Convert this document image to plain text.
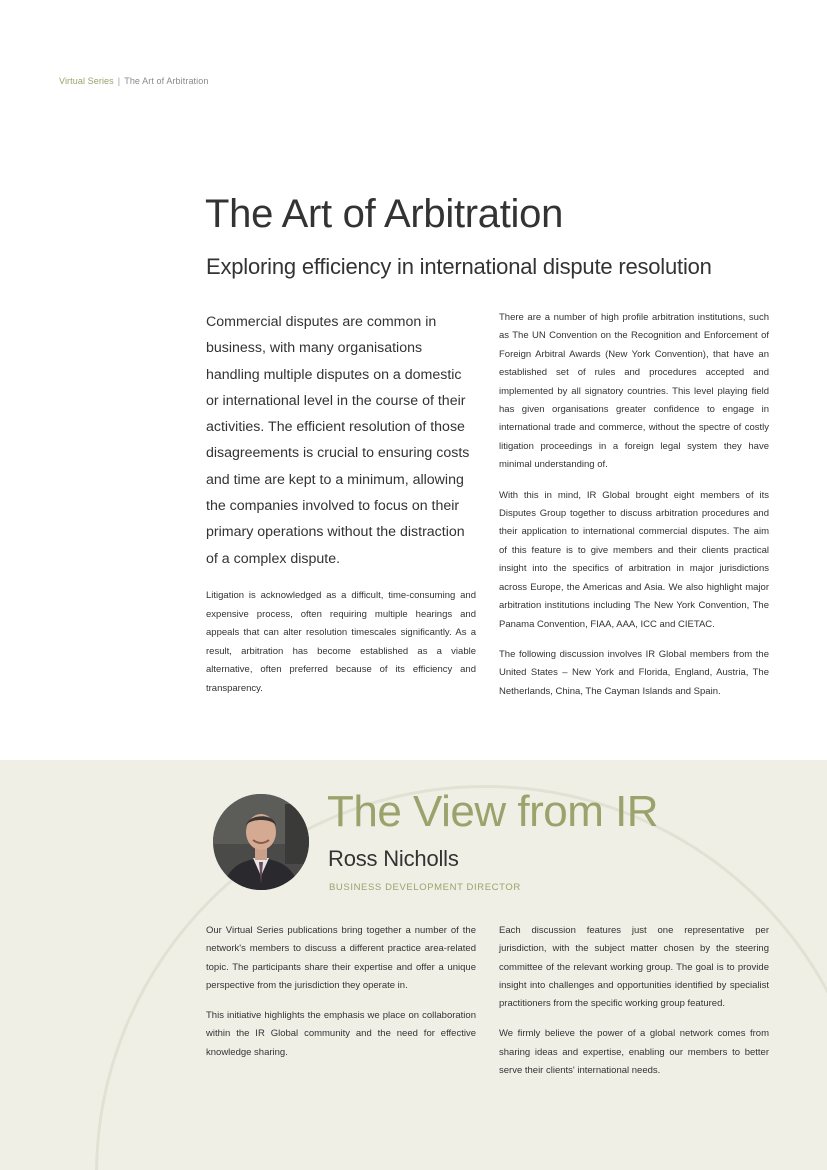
Virtual Series | The Art of Arbitration
The Art of Arbitration
Exploring efficiency in international dispute resolution

Commercial disputes are common in business, with many organisations handling multiple disputes on a domestic or international level in the course of their activities. The efficient resolution of those disagreements is crucial to ensuring costs and time are kept to a minimum, allowing the companies involved to focus on their primary operations without the distraction of a complex dispute.

Litigation is acknowledged as a difficult, time-consuming and expensive process, often requiring multiple hearings and appeals that can alter resolution timescales significantly. As a result, arbitration has become established as a viable alternative, often preferred because of its efficiency and transparency.

There are a number of high profile arbitration institutions, such as The UN Convention on the Recognition and Enforcement of Foreign Arbitral Awards (New York Convention), that have an established set of rules and procedures accepted and implemented by all signatory countries. This level playing field has given organisations greater confidence to engage in international trade and commerce, without the spectre of costly litigation proceedings in a foreign legal system they have minimal understanding of.

With this in mind, IR Global brought eight members of its Disputes Group together to discuss arbitration procedures and their application to international commercial disputes. The aim of this feature is to give members and their clients practical insight into the specifics of arbitration in major jurisdictions across Europe, the Americas and Asia. We also highlight major arbitration institutions including The New York Convention, The Panama Convention, FIAA, AAA, ICC and CIETAC.

The following discussion involves IR Global members from the United States – New York and Florida, England, Austria, The Netherlands, China, The Cayman Islands and Spain.

The View from IR
Ross Nicholls
BUSINESS DEVELOPMENT DIRECTOR

Our Virtual Series publications bring together a number of the network's members to discuss a different practice area-related topic. The participants share their expertise and offer a unique perspective from the jurisdiction they operate in.

This initiative highlights the emphasis we place on collaboration within the IR Global community and the need for effective knowledge sharing.

Each discussion features just one representative per jurisdiction, with the subject matter chosen by the steering committee of the relevant working group. The goal is to provide insight into challenges and opportunities identified by specialist practitioners from the specific working group featured.

We firmly believe the power of a global network comes from sharing ideas and expertise, enabling our members to better serve their clients' international needs.
